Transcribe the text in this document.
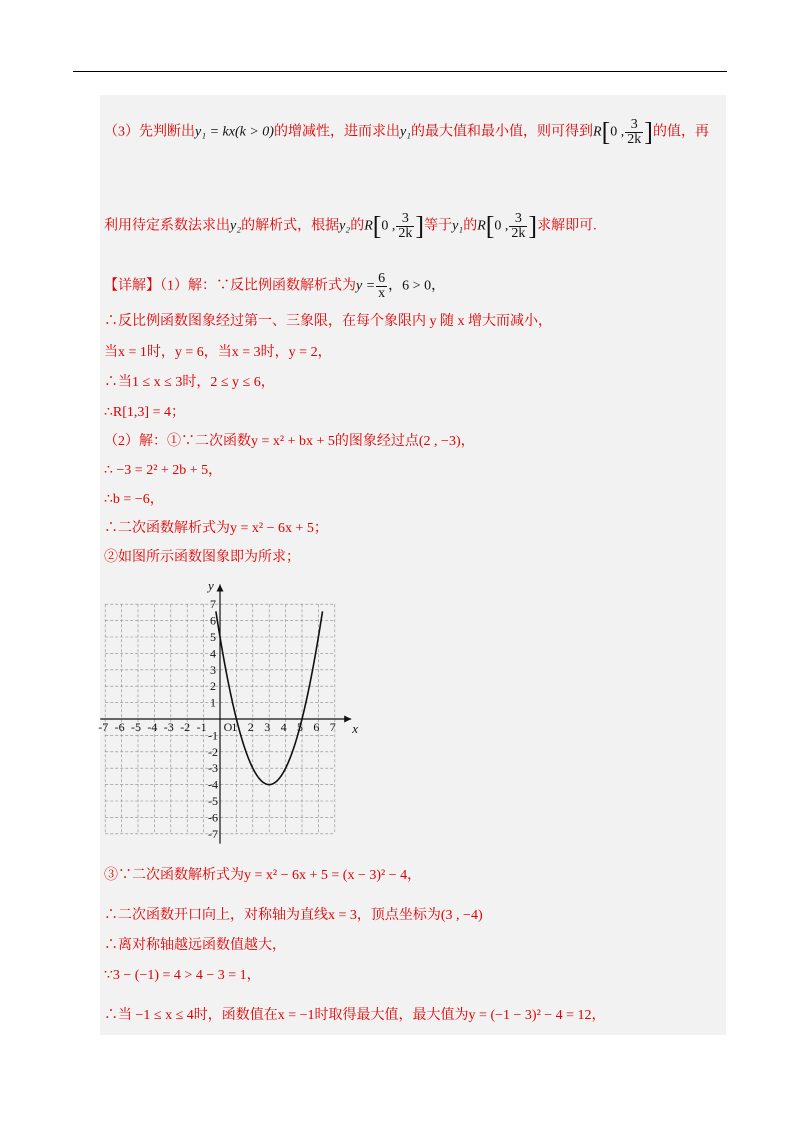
（3）先判断出y₁ = kx(k > 0)的增减性，进而求出y₁的最大值和最小值，则可得到R[0 , $\frac{3}{2k}$ ]的值，再
利用待定系数法求出y₂的解析式，根据y₂的R[0 , $\frac{3}{2k}$ ]等于y₁的R[0 , $\frac{3}{2k}$ ]求解即可.
【详解】（1）解：∵反比例函数解析式为$y = \frac{6}{x}$ ，6 > 0，
∴反比例函数图象经过第一、三象限，在每个象限内 y 随 x 增大而减小，
当x = 1时，y = 6，当x = 3时，y = 2，
∴当1 ≤ x ≤ 3时，2 ≤ y ≤ 6，
∴R[1,3] = 4；
（2）解：①∵二次函数y = x² + bx + 5的图象经过点(2 , −3)，
∴ −3 = 2² + 2b + 5，
∴b = −6，
∴二次函数解析式为y = x² − 6x + 5；
②如图所示函数图象即为所求；
-7 -6 -5 -4 -3 -2 -1 1 2 3 4 5 6 7
7
6
5
4
3
2
1
-1
-2
-3
-4
-5
-6
-7
O	x
y
③∵二次函数解析式为y = x² − 6x + 5 = (x − 3)² − 4，
∴二次函数开口向上，对称轴为直线x = 3，顶点坐标为(3 , −4)
∴离对称轴越远函数值越大，
∵3 − (−1) = 4 > 4 − 3 = 1，
∴当 −1 ≤ x ≤ 4时，函数值在x = −1时取得最大值，最大值为y = (−1 − 3)² − 4 = 12，
